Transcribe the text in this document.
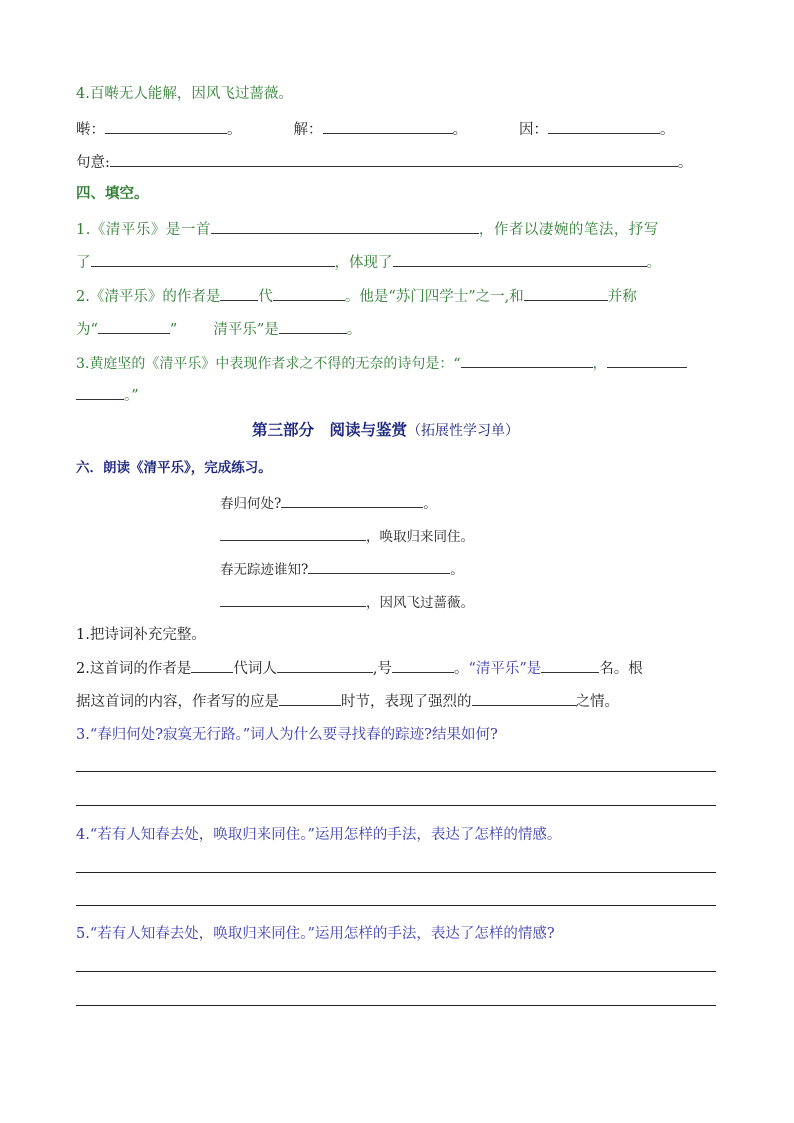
4.百啭无人能解，因风飞过蔷薇。
啭：	。	解：	。	因：	。
句意:	。
四、填空。
1.《清平乐》是一首	，作者以凄婉的笔法，抒写
了	，体现了	。
2.《清平乐》的作者是	代	。他是“苏门四学士”之一,和	并称
为“	” 清平乐”是	。
3.黄庭坚的《清平乐》中表现作者求之不得的无奈的诗句是：“	，
。”
第三部分　阅读与鉴赏（拓展性学习单）
六．朗读《清平乐》，完成练习。
春归何处?	。
，唤取归来同住。
春无踪迹谁知?	。
，因风飞过蔷薇。
1.把诗词补充完整。
2.这首词的作者是	代词人	,号	。“清平乐”是	名。根
据这首词的内容，作者写的应是	时节，表现了强烈的	之情。
3.“春归何处?寂寞无行路。”词人为什么要寻找春的踪迹?结果如何?
4.“若有人知春去处，唤取归来同住。”运用怎样的手法，表达了怎样的情感。
5.“若有人知春去处，唤取归来同住。”运用怎样的手法，表达了怎样的情感?
